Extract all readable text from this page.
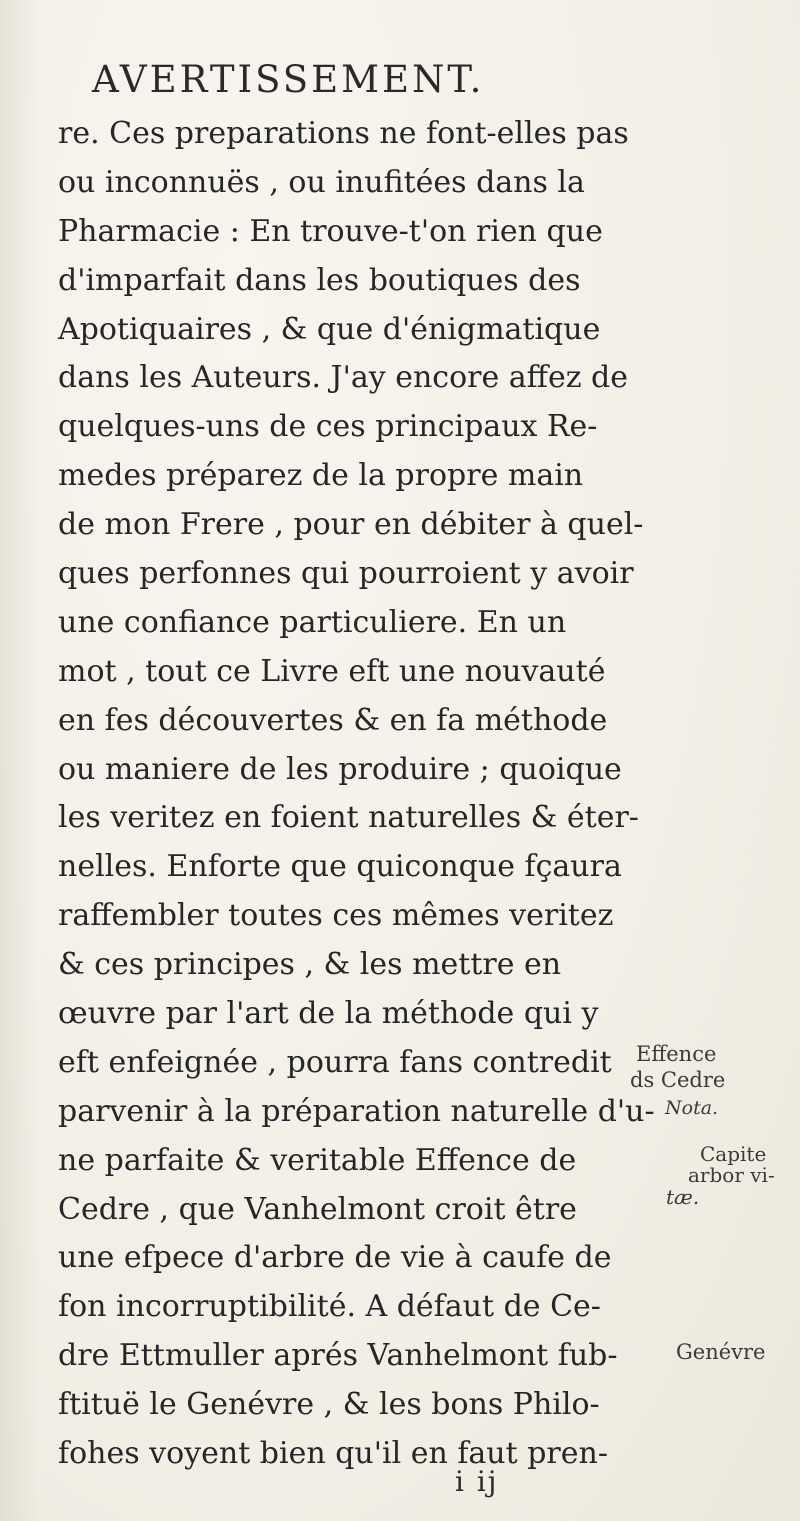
AVERTISSEMENT.
re. Ces preparations ne font-elles pas
ou inconnuës , ou inufitées dans la
Pharmacie : En trouve-t'on rien que
d'imparfait dans les boutiques des
Apotiquaires , & que d'énigmatique
dans les Auteurs. J'ay encore affez de
quelques-uns de ces principaux Re-
medes préparez de la propre main
de mon Frere , pour en débiter à quel-
ques perfonnes qui pourroient y avoir
une confiance particuliere. En un
mot , tout ce Livre eft une nouvauté
en fes découvertes & en fa méthode
ou maniere de les produire ; quoique
les veritez en foient naturelles & éter-
nelles. Enforte que quiconque fçaura
raffembler toutes ces mêmes veritez
& ces principes , & les mettre en
œuvre par l'art de la méthode qui y
eft enfeignée , pourra fans contredit
parvenir à la préparation naturelle d'u-
ne parfaite & veritable Effence de
Cedre , que Vanhelmont croit être
une efpece d'arbre de vie à caufe de
fon incorruptibilité. A défaut de Ce-
dre Ettmuller aprés Vanhelmont fub-
ftituë le Genévre , & les bons Philo-
fohes voyent bien qu'il en faut pren-
Effence
ds Cedre
Nota.
Capite
arbor vi-
tæ.
Genévre
i ij
